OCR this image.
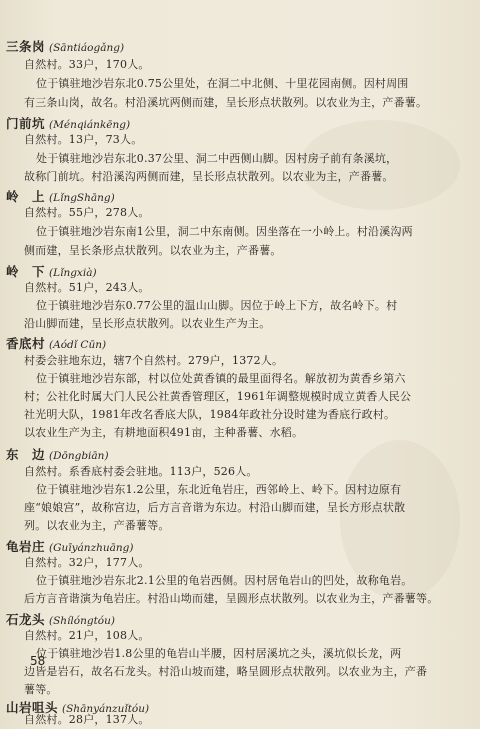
三条岗 (Sāntiáogǎng)
自然村。33户，170人。
位于镇驻地沙岩东北0.75公里处，在洞二中北侧、十里花园南侧。因村周围
有三条山岗，故名。村沿溪坑两侧而建，呈长形点状散列。以农业为主，产番薯。
门前坑 (Ménqiánkēng)
自然村。13户，73人。
处于镇驻地沙岩东北0.37公里、洞二中西侧山脚。因村房子前有条溪坑，
故称门前坑。村沿溪沟两侧而建，呈长形点状散列。以农业为主，产番薯。
岭　上 (LǐngShāng)
自然村。55户，278人。
位于镇驻地沙岩东南1公里，洞二中东南侧。因坐落在一小岭上。村沿溪沟两
侧而建，呈长条形点状散列。以农业为主，产番薯。
岭　下 (Lǐngxià)
自然村。51户，243人。
位于镇驻地沙岩东0.77公里的温山山脚。因位于岭上下方，故名岭下。村
沿山脚而建，呈长形点状散列。以农业生产为主。
香底村 (Aódǐ Cūn)
村委会驻地东边，辖7个自然村。279户，1372人。
位于镇驻地沙岩东部，村以位处黄香镇的最里面得名。解放初为黄香乡第六
村；公社化时属大门人民公社黄香管理区，1961年调整规模时成立黄香人民公
社光明大队，1981年改名香底大队，1984年政社分设时建为香底行政村。
以农业生产为主，有耕地面积491亩，主种番薯、水稻。
东　边 (Dōngbiān)
自然村。系香底村委会驻地。113户，526人。
位于镇驻地沙岩东1.2公里，东北近龟岩庄，西邻岭上、岭下。因村边原有
座“娘娘宫”，故称宫边，后方言音谐为东边。村沿山脚而建，呈长方形点状散
列。以农业为主，产番薯等。
龟岩庄 (Guīyánzhuāng)
自然村。32户，177人。
位于镇驻地沙岩东北2.1公里的龟岩西侧。因村居龟岩山的凹处，故称龟岩。
后方言音谐演为龟岩庄。村沿山坳而建，呈圆形点状散列。以农业为主，产番薯等。
石龙头 (Shílóngtóu)
自然村。21户，108人。
位于镇驻地沙岩1.8公里的龟岩山半腰，因村居溪坑之头，溪坑似长龙，两
边皆是岩石，故名石龙头。村沿山坡而建，略呈圆形点状散列。以农业为主，产番
薯等。
山岩咀头 (Shānyánzuǐtóu)
自然村。28户，137人。
58
